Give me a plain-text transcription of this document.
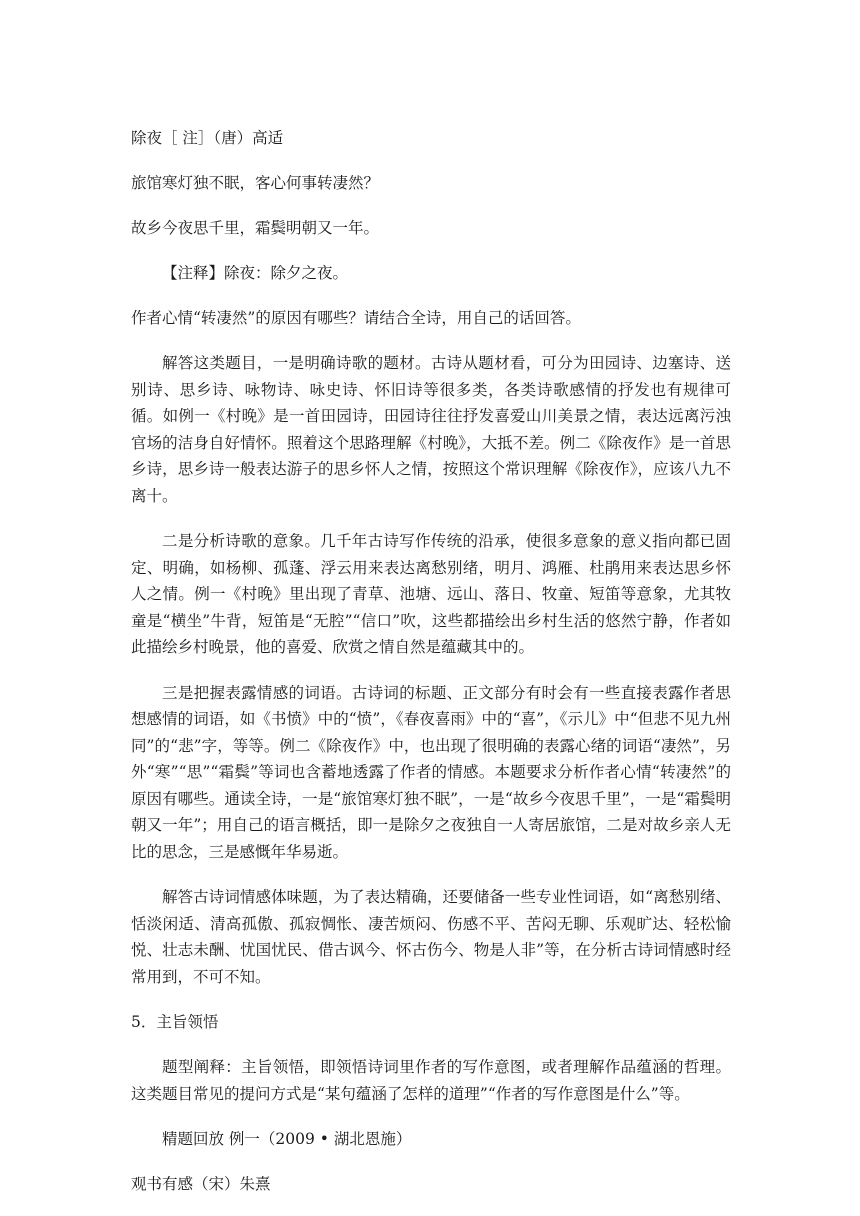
除夜［ 注］（唐）高适

旅馆寒灯独不眠，客心何事转凄然？

故乡今夜思千里，霜鬓明朝又一年。

【注释】除夜：除夕之夜。

作者心情“转凄然”的原因有哪些？请结合全诗，用自己的话回答。

解答这类题目，一是明确诗歌的题材。古诗从题材看，可分为田园诗、边塞诗、送别诗、思乡诗、咏物诗、咏史诗、怀旧诗等很多类，各类诗歌感情的抒发也有规律可循。如例一《村晚》是一首田园诗，田园诗往往抒发喜爱山川美景之情，表达远离污浊官场的洁身自好情怀。照着这个思路理解《村晚》，大抵不差。例二《除夜作》是一首思乡诗，思乡诗一般表达游子的思乡怀人之情，按照这个常识理解《除夜作》，应该八九不离十。

二是分析诗歌的意象。几千年古诗写作传统的沿承，使很多意象的意义指向都已固定、明确，如杨柳、孤蓬、浮云用来表达离愁别绪，明月、鸿雁、杜鹃用来表达思乡怀人之情。例一《村晚》里出现了青草、池塘、远山、落日、牧童、短笛等意象，尤其牧童是“横坐”牛背，短笛是“无腔”“信口”吹，这些都描绘出乡村生活的悠然宁静，作者如此描绘乡村晚景，他的喜爱、欣赏之情自然是蕴藏其中的。

三是把握表露情感的词语。古诗词的标题、正文部分有时会有一些直接表露作者思想感情的词语，如《书愤》中的“愤”，《春夜喜雨》中的“喜”，《示儿》中“但悲不见九州同”的“悲”字，等等。例二《除夜作》中，也出现了很明确的表露心绪的词语“凄然”，另外“寒”“思”“霜鬓”等词也含蓄地透露了作者的情感。本题要求分析作者心情“转凄然”的原因有哪些。通读全诗，一是“旅馆寒灯独不眠”，一是“故乡今夜思千里”，一是“霜鬓明朝又一年”；用自己的语言概括，即一是除夕之夜独自一人寄居旅馆，二是对故乡亲人无比的思念，三是感慨年华易逝。

解答古诗词情感体味题，为了表达精确，还要储备一些专业性词语，如“离愁别绪、恬淡闲适、清高孤傲、孤寂惆怅、凄苦烦闷、伤感不平、苦闷无聊、乐观旷达、轻松愉悦、壮志未酬、忧国忧民、借古讽今、怀古伤今、物是人非”等，在分析古诗词情感时经常用到，不可不知。

5．主旨领悟

题型阐释：主旨领悟，即领悟诗词里作者的写作意图，或者理解作品蕴涵的哲理。这类题目常见的提问方式是“某句蕴涵了怎样的道理”“作者的写作意图是什么”等。

精题回放 例一（2009 • 湖北恩施）

观书有感（宋）朱熹
